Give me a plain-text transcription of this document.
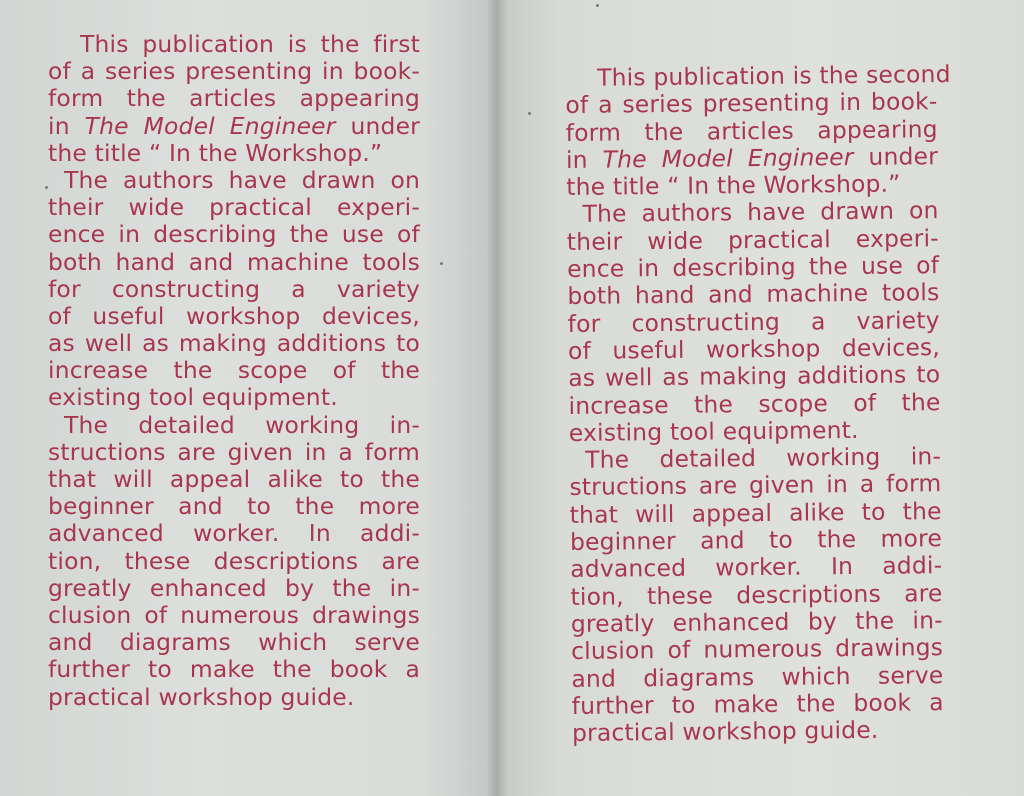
This publication is the first
of a series presenting in book-
form the articles appearing
in The Model Engineer under
the title “ In the Workshop.”
The authors have drawn on
their wide practical experi-
ence in describing the use of
both hand and machine tools
for constructing a variety
of useful workshop devices,
as well as making additions to
increase the scope of the
existing tool equipment.
The detailed working in-
structions are given in a form
that will appeal alike to the
beginner and to the more
advanced worker. In addi-
tion, these descriptions are
greatly enhanced by the in-
clusion of numerous drawings
and diagrams which serve
further to make the book a
practical workshop guide.
This publication is the second
of a series presenting in book-
form the articles appearing
in The Model Engineer under
the title “ In the Workshop.”
The authors have drawn on
their wide practical experi-
ence in describing the use of
both hand and machine tools
for constructing a variety
of useful workshop devices,
as well as making additions to
increase the scope of the
existing tool equipment.
The detailed working in-
structions are given in a form
that will appeal alike to the
beginner and to the more
advanced worker. In addi-
tion, these descriptions are
greatly enhanced by the in-
clusion of numerous drawings
and diagrams which serve
further to make the book a
practical workshop guide.
